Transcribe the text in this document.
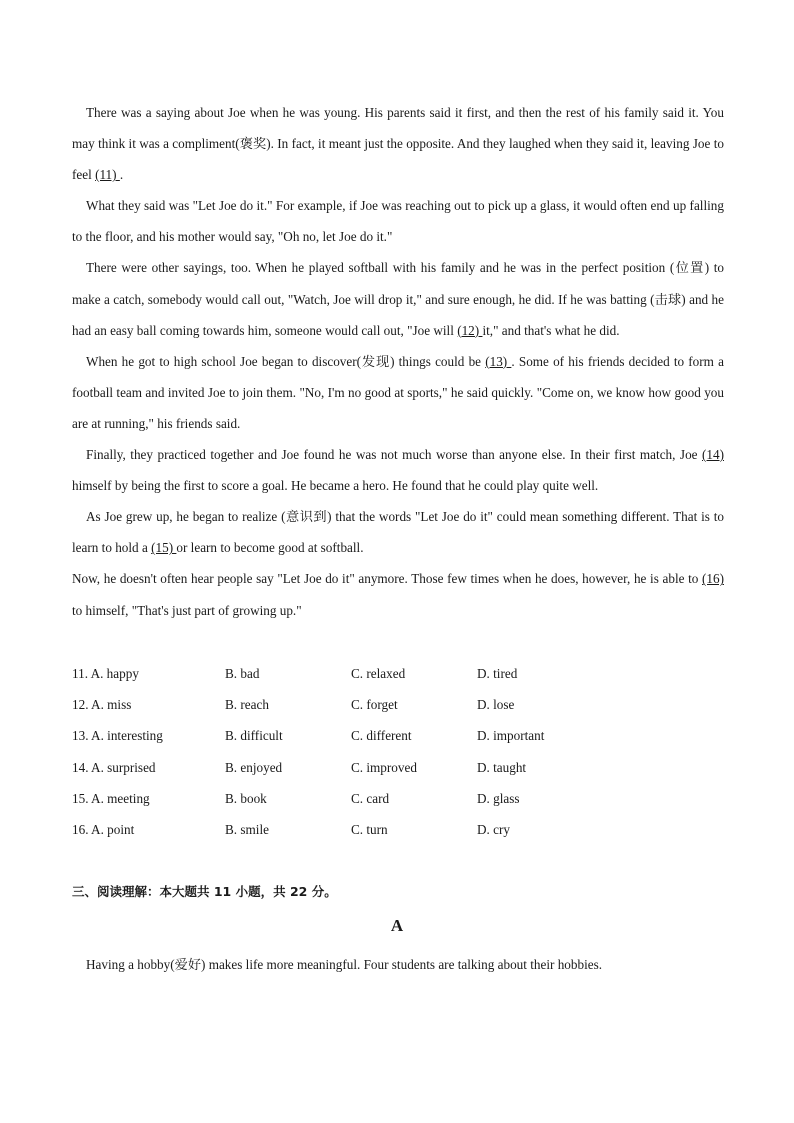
There was a saying about Joe when he was young. His parents said it first, and then the rest of his family said it. You may think it was a compliment(褒奖). In fact, it meant just the opposite. And they laughed when they said it, leaving Joe to feel (11) .

What they said was "Let Joe do it." For example, if Joe was reaching out to pick up a glass, it would often end up falling to the floor, and his mother would say, "Oh no, let Joe do it."

There were other sayings, too. When he played softball with his family and he was in the perfect position (位置) to make a catch, somebody would call out, "Watch, Joe will drop it," and sure enough, he did. If he was batting (击球) and he had an easy ball coming towards him, someone would call out, "Joe will (12) it," and that's what he did.

When he got to high school Joe began to discover(发现) things could be (13) . Some of his friends decided to form a football team and invited Joe to join them. "No, I'm no good at sports," he said quickly. "Come on, we know how good you are at running," his friends said.

Finally, they practiced together and Joe found he was not much worse than anyone else. In their first match, Joe (14) himself by being the first to score a goal. He became a hero. He found that he could play quite well.

As Joe grew up, he began to realize (意识到) that the words "Let Joe do it" could mean something different. That is to learn to hold a (15) or learn to become good at softball.

Now, he doesn't often hear people say "Let Joe do it" anymore. Those few times when he does, however, he is able to (16) to himself, "That's just part of growing up."

11. A. happy	B. bad	C. relaxed	D. tired
12. A. miss	B. reach	C. forget	D. lose
13. A. interesting	B. difficult	C. different	D. important
14. A. surprised	B. enjoyed	C. improved	D. taught
15. A. meeting	B. book	C. card	D. glass
16. A. point	B. smile	C. turn	D. cry
三、阅读理解：本大题共 11 小题，共 22 分。
A
Having a hobby(爱好) makes life more meaningful. Four students are talking about their hobbies.
